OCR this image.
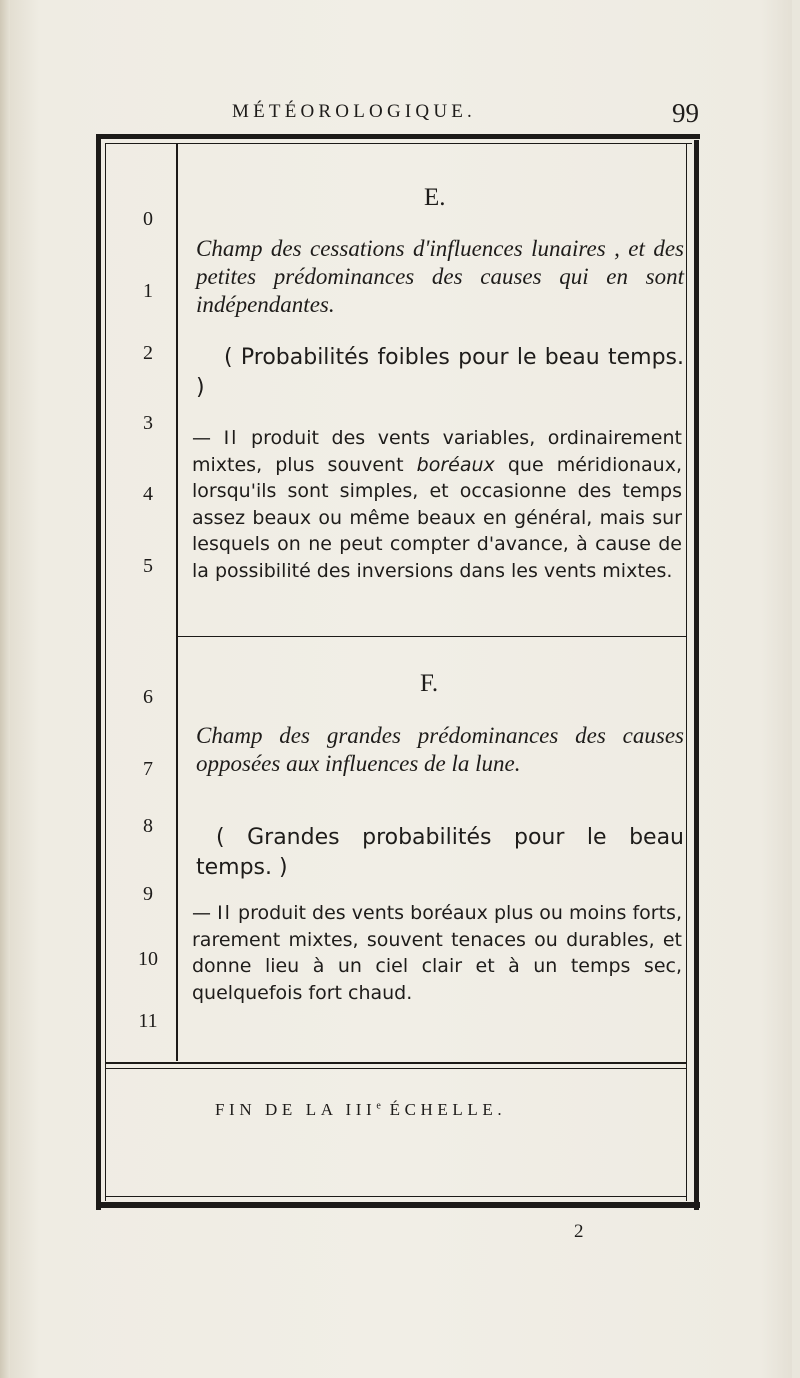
MÉTÉOROLOGIQUE.	99
0
1
2
3
4
5
6
7
8
9
10
11
E.
Champ des cessations d'influences lunaires , et des petites prédominances des causes qui en sont indépendantes.
( Probabilités foibles pour le beau temps. )
— Il produit des vents variables, ordinairement mixtes, plus souvent boréaux que méridionaux, lorsqu'ils sont simples, et occasionne des temps assez beaux ou même beaux en général, mais sur lesquels on ne peut compter d'avance, à cause de la possibilité des inversions dans les vents mixtes.
F.
Champ des grandes prédominances des causes opposées aux influences de la lune.
( Grandes probabilités pour le beau temps. )
— Il produit des vents boréaux plus ou moins forts, rarement mixtes, souvent tenaces ou durables, et donne lieu à un ciel clair et à un temps sec, quelquefois fort chaud.
FIN DE LA IIIe ÉCHELLE.
2
